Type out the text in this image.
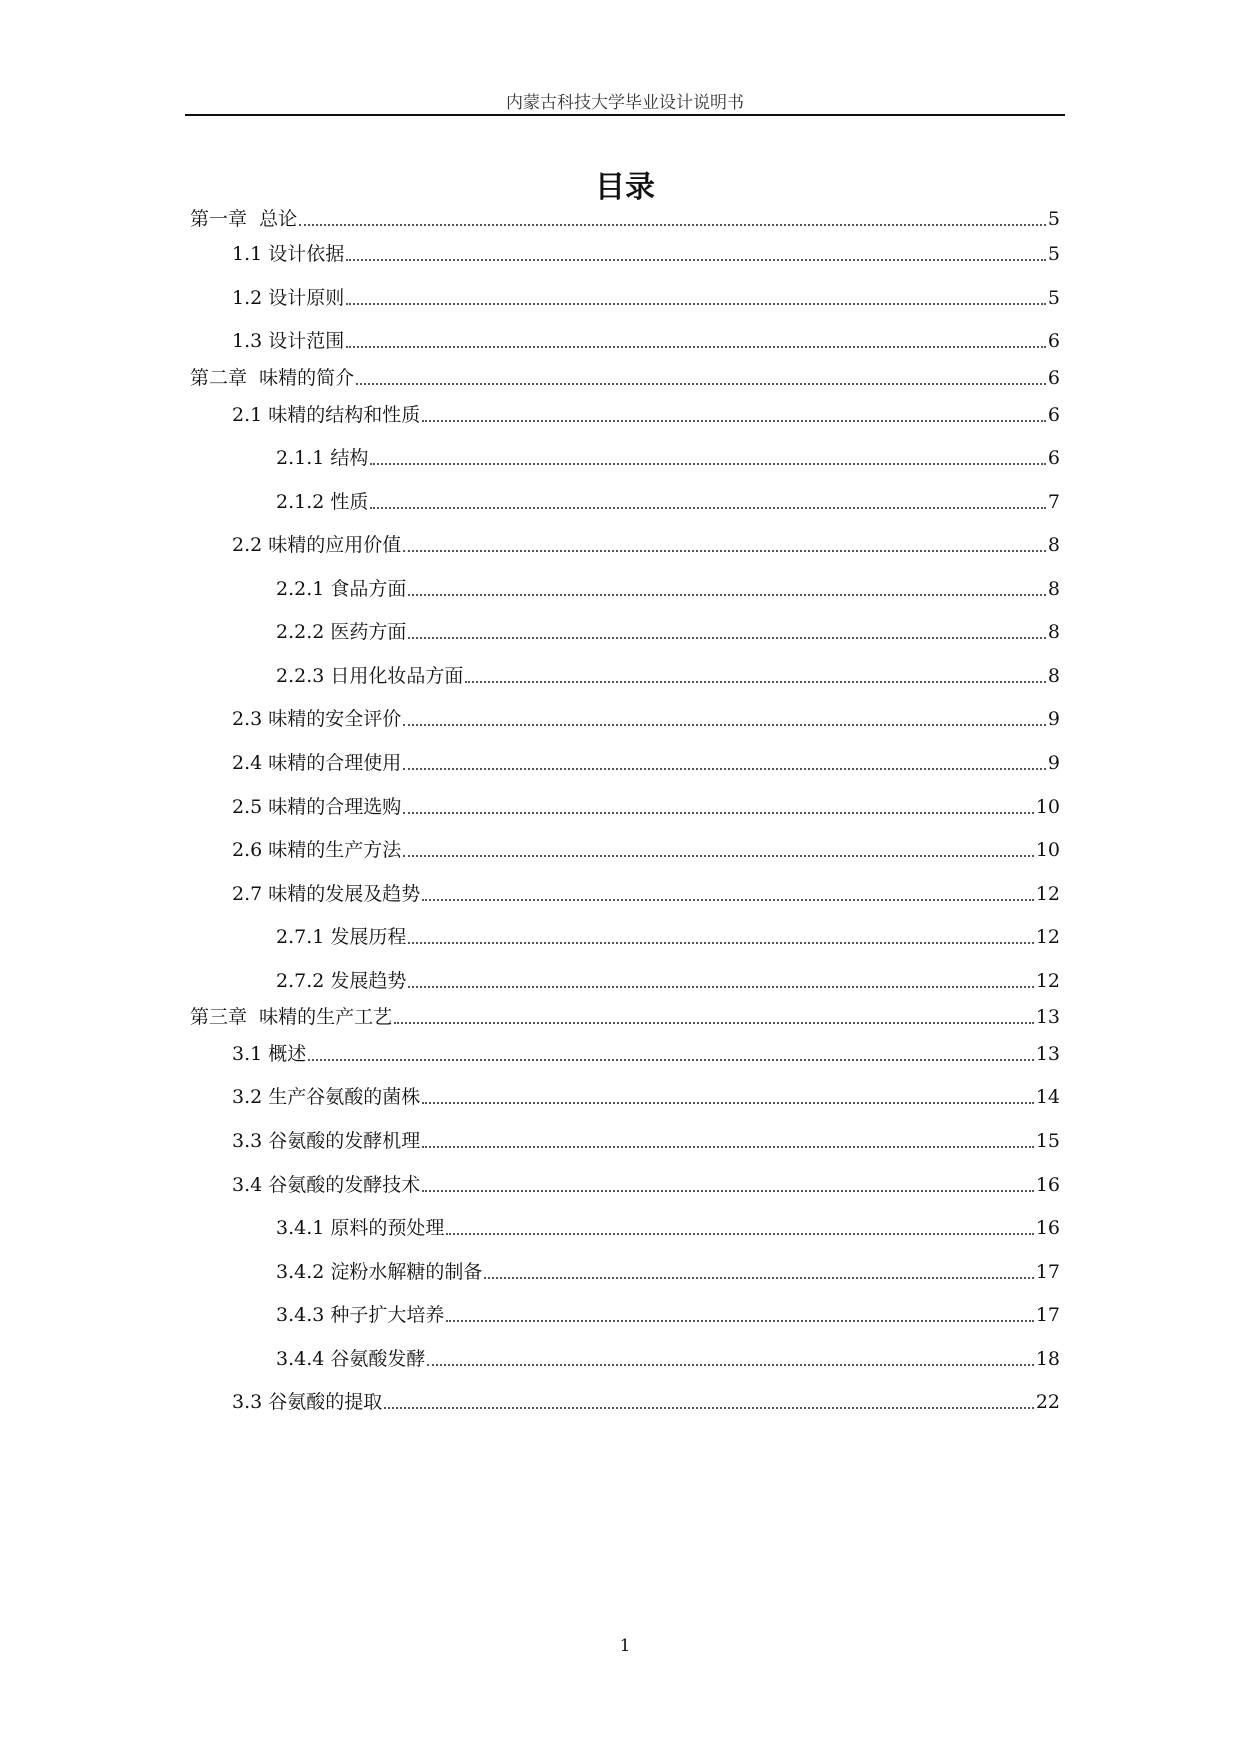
内蒙古科技大学毕业设计说明书
目录
第一章  总论	5
1.1 设计依据	5
1.2 设计原则	5
1.3 设计范围	6
第二章  味精的简介	6
2.1 味精的结构和性质	6
2.1.1 结构	6
2.1.2 性质	7
2.2 味精的应用价值	8
2.2.1 食品方面	8
2.2.2 医药方面	8
2.2.3 日用化妆品方面	8
2.3 味精的安全评价	9
2.4 味精的合理使用	9
2.5 味精的合理选购	10
2.6 味精的生产方法	10
2.7 味精的发展及趋势	12
2.7.1 发展历程	12
2.7.2 发展趋势	12
第三章  味精的生产工艺	13
3.1 概述	13
3.2 生产谷氨酸的菌株	14
3.3 谷氨酸的发酵机理	15
3.4 谷氨酸的发酵技术	16
3.4.1 原料的预处理	16
3.4.2 淀粉水解糖的制备	17
3.4.3 种子扩大培养	17
3.4.4 谷氨酸发酵	18
3.3 谷氨酸的提取	22
1
